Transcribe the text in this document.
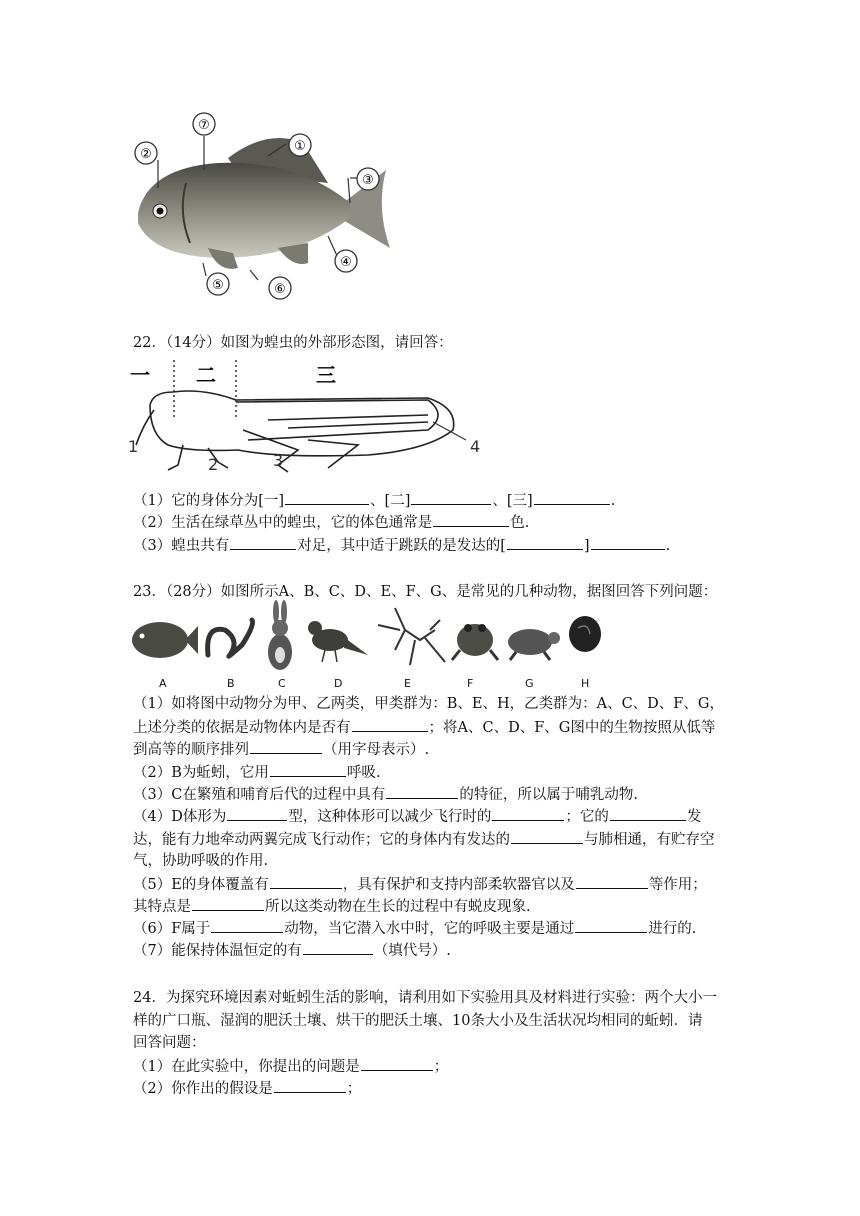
⑦
①
②
③
④
⑤	⑥
22．（14分）如图为蝗虫的外部形态图，请回答：
一 二	三
1
2	3
4
（1）它的身体分为[一]	、[二]	、[三]	.
（2）生活在绿草丛中的蝗虫，它的体色通常是	色.
（3）蝗虫共有	对足，其中适于跳跃的是发达的[	]	.
23．（28分）如图所示A、B、C、D、E、F、G、是常见的几种动物，据图回答下列问题：
A	B	C	D	E	F	G	H
（1）如将图中动物分为甲、乙两类，甲类群为：B、E、H，乙类群为：A、C、D、F、G，
上述分类的依据是动物体内是否有	；将A、C、D、F、G图中的生物按照从低等
到高等的顺序排列	（用字母表示）.
（2）B为蚯蚓，它用	呼吸.
（3）C在繁殖和哺育后代的过程中具有	的特征，所以属于哺乳动物.
（4）D体形为	型，这种体形可以减少飞行时的	；它的	发
达，能有力地牵动两翼完成飞行动作；它的身体内有发达的	与肺相通，有贮存空
气，协助呼吸的作用.
（5）E的身体覆盖有	，具有保护和支持内部柔软器官以及	等作用；
其特点是	所以这类动物在生长的过程中有蜕皮现象.
（6）F属于	动物，当它潜入水中时，它的呼吸主要是通过	进行的.
（7）能保持体温恒定的有	（填代号）.
24．为探究环境因素对蚯蚓生活的影响，请利用如下实验用具及材料进行实验：两个大小一
样的广口瓶、湿润的肥沃土壤、烘干的肥沃土壤、10条大小及生活状况均相同的蚯蚓．请
回答问题：
（1）在此实验中，你提出的问题是	；
（2）你作出的假设是	；
